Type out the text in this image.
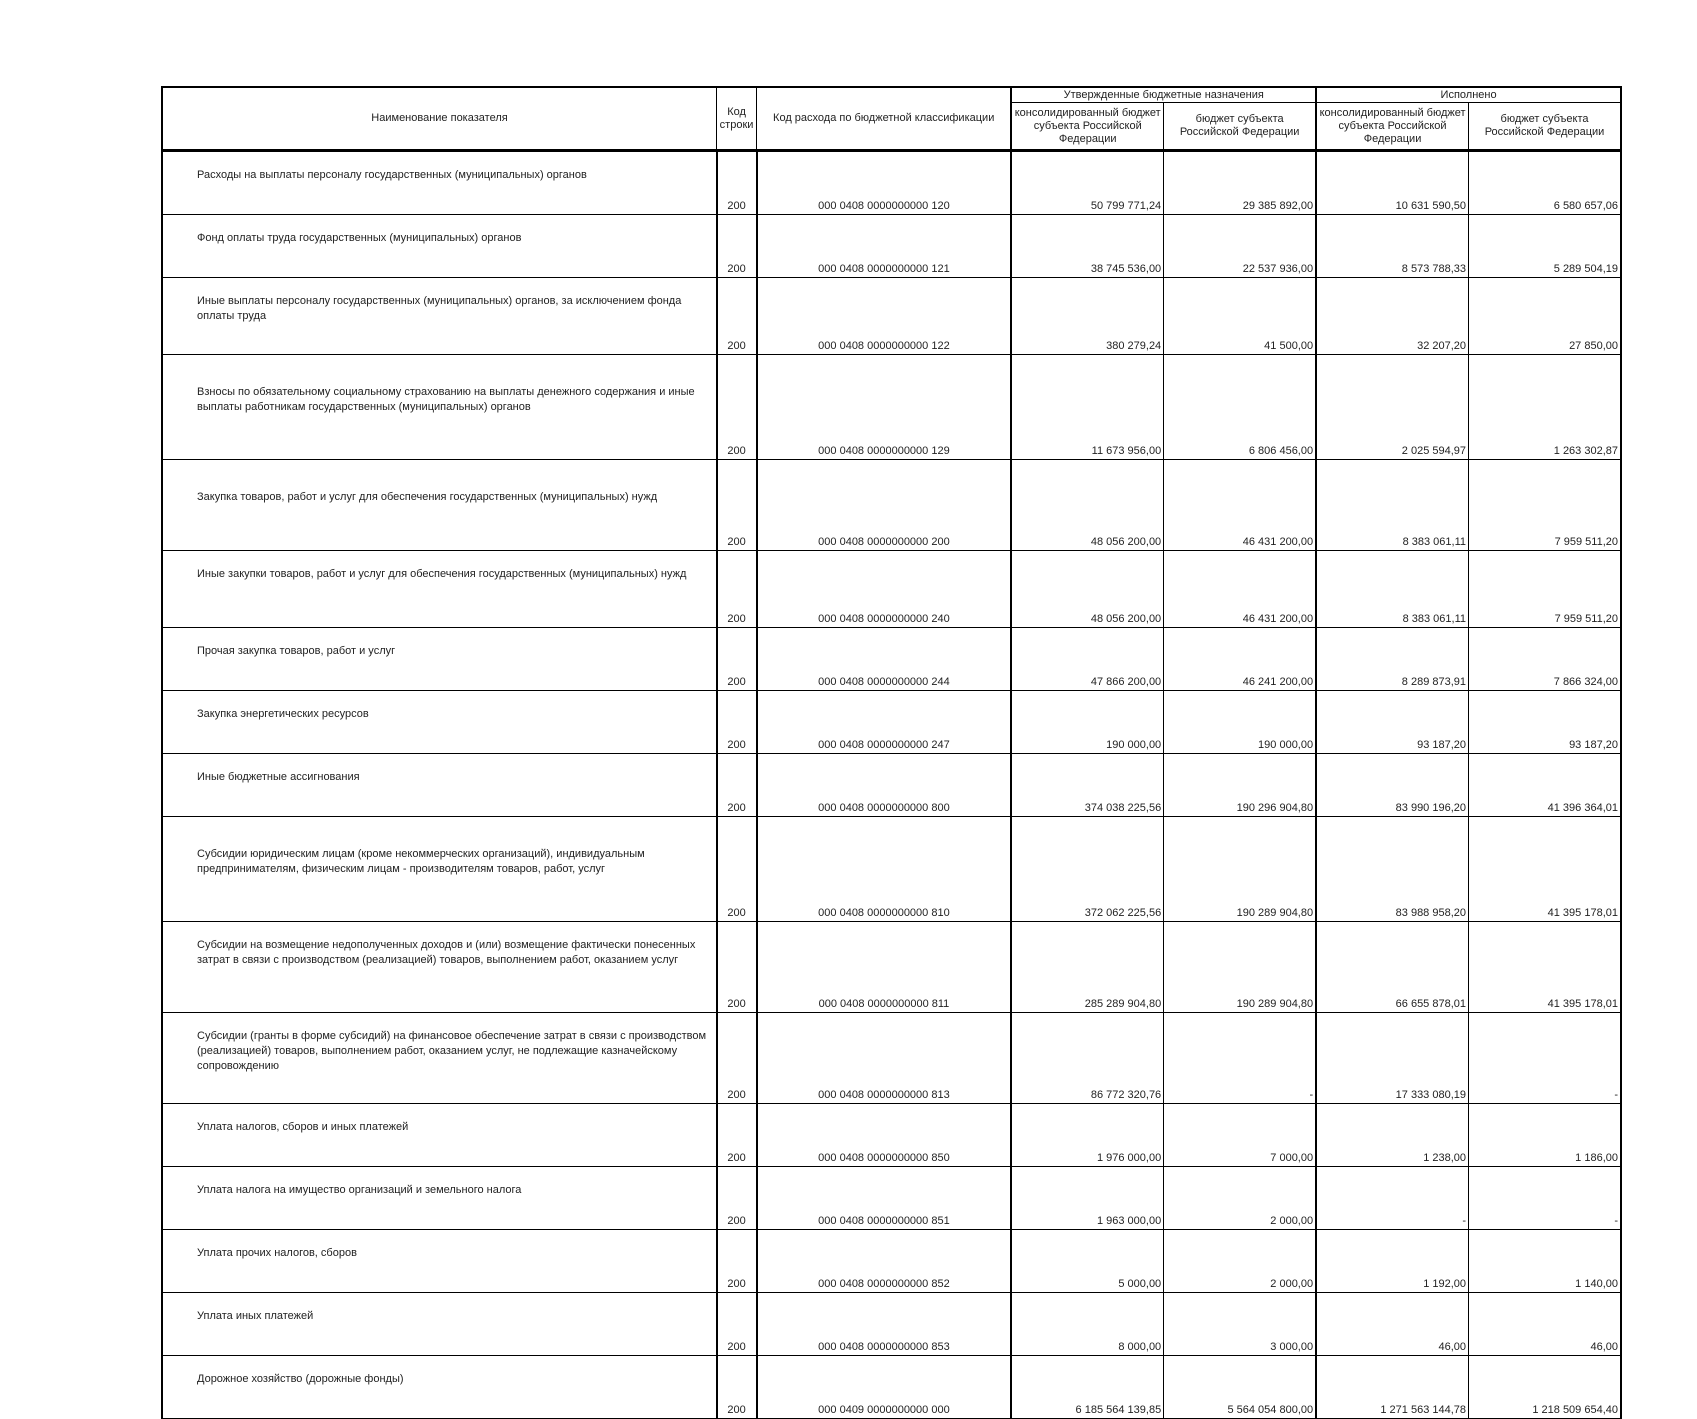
Наименование показателя	Код строки	Код расхода по бюджетной классификации	Утвержденные бюджетные назначения		Исполнено	
			консолидированный бюджет субъекта Российской Федерации	бюджет субъекта Российской Федерации	консолидированный бюджет субъекта Российской Федерации	бюджет субъекта Российской Федерации
Расходы на выплаты персоналу государственных (муниципальных) органов	200	000 0408 0000000000 120	50 799 771,24	29 385 892,00	10 631 590,50	6 580 657,06
Фонд оплаты труда государственных (муниципальных) органов	200	000 0408 0000000000 121	38 745 536,00	22 537 936,00	8 573 788,33	5 289 504,19
Иные выплаты персоналу государственных (муниципальных) органов, за исключением фонда оплаты труда	200	000 0408 0000000000 122	380 279,24	41 500,00	32 207,20	27 850,00
Взносы по обязательному социальному страхованию на выплаты денежного содержания и иные выплаты работникам государственных (муниципальных) органов	200	000 0408 0000000000 129	11 673 956,00	6 806 456,00	2 025 594,97	1 263 302,87
Закупка товаров, работ и услуг для обеспечения государственных (муниципальных) нужд	200	000 0408 0000000000 200	48 056 200,00	46 431 200,00	8 383 061,11	7 959 511,20
Иные закупки товаров, работ и услуг для обеспечения государственных (муниципальных) нужд	200	000 0408 0000000000 240	48 056 200,00	46 431 200,00	8 383 061,11	7 959 511,20
Прочая закупка товаров, работ и услуг	200	000 0408 0000000000 244	47 866 200,00	46 241 200,00	8 289 873,91	7 866 324,00
Закупка энергетических ресурсов	200	000 0408 0000000000 247	190 000,00	190 000,00	93 187,20	93 187,20
Иные бюджетные ассигнования	200	000 0408 0000000000 800	374 038 225,56	190 296 904,80	83 990 196,20	41 396 364,01
Субсидии юридическим лицам (кроме некоммерческих организаций), индивидуальным предпринимателям, физическим лицам - производителям товаров, работ, услуг	200	000 0408 0000000000 810	372 062 225,56	190 289 904,80	83 988 958,20	41 395 178,01
Субсидии на возмещение недополученных доходов и (или) возмещение фактически понесенных затрат в связи с производством (реализацией) товаров, выполнением работ, оказанием услуг	200	000 0408 0000000000 811	285 289 904,80	190 289 904,80	66 655 878,01	41 395 178,01
Субсидии (гранты в форме субсидий) на финансовое обеспечение затрат в связи с производством (реализацией) товаров, выполнением работ, оказанием услуг, не подлежащие казначейскому сопровождению	200	000 0408 0000000000 813	86 772 320,76	-	17 333 080,19	-
Уплата налогов, сборов и иных платежей	200	000 0408 0000000000 850	1 976 000,00	7 000,00	1 238,00	1 186,00
Уплата налога на имущество организаций и земельного налога	200	000 0408 0000000000 851	1 963 000,00	2 000,00	-	-
Уплата прочих налогов, сборов	200	000 0408 0000000000 852	5 000,00	2 000,00	1 192,00	1 140,00
Уплата иных платежей	200	000 0408 0000000000 853	8 000,00	3 000,00	46,00	46,00
Дорожное хозяйство (дорожные фонды)	200	000 0409 0000000000 000	6 185 564 139,85	5 564 054 800,00	1 271 563 144,78	1 218 509 654,40
